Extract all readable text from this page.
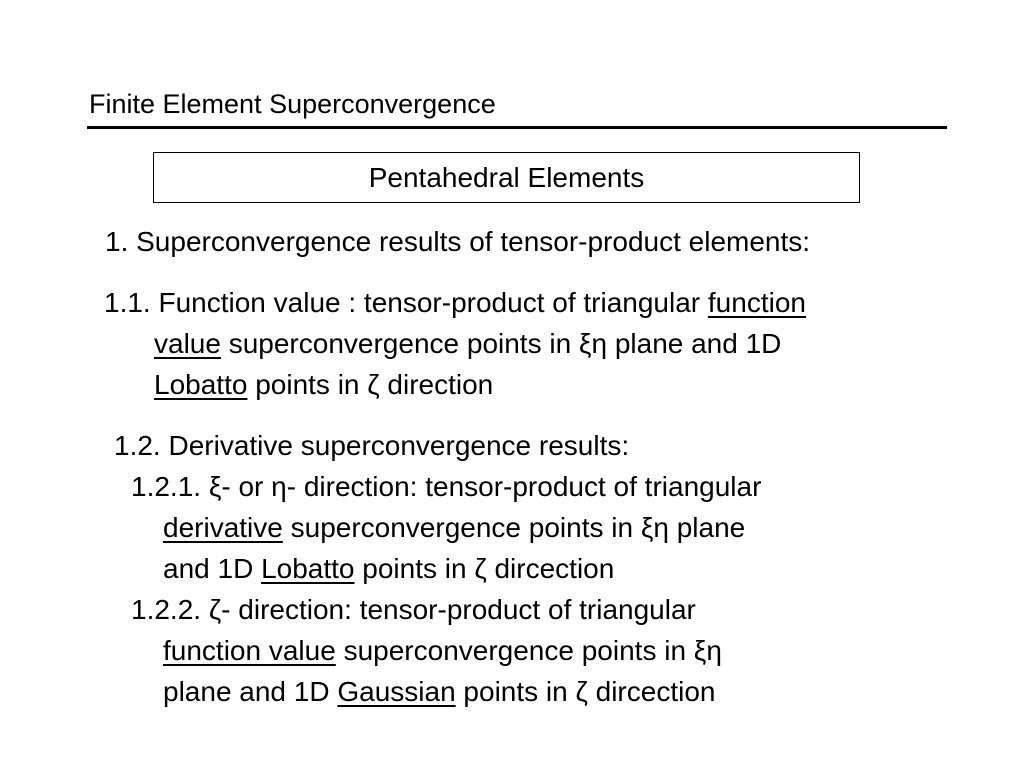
Finite Element Superconvergence
Pentahedral Elements
1. Superconvergence results of tensor-product elements:
1.1. Function value : tensor-product of triangular function
value superconvergence points in ξη plane and 1D
Lobatto points in ζ direction
1.2. Derivative superconvergence results:
1.2.1. ξ- or η- direction: tensor-product of triangular
derivative superconvergence points in ξη plane
and 1D Lobatto points in ζ dircection
1.2.2. ζ- direction: tensor-product of triangular
function value superconvergence points in ξη
plane and 1D Gaussian points in ζ dircection
